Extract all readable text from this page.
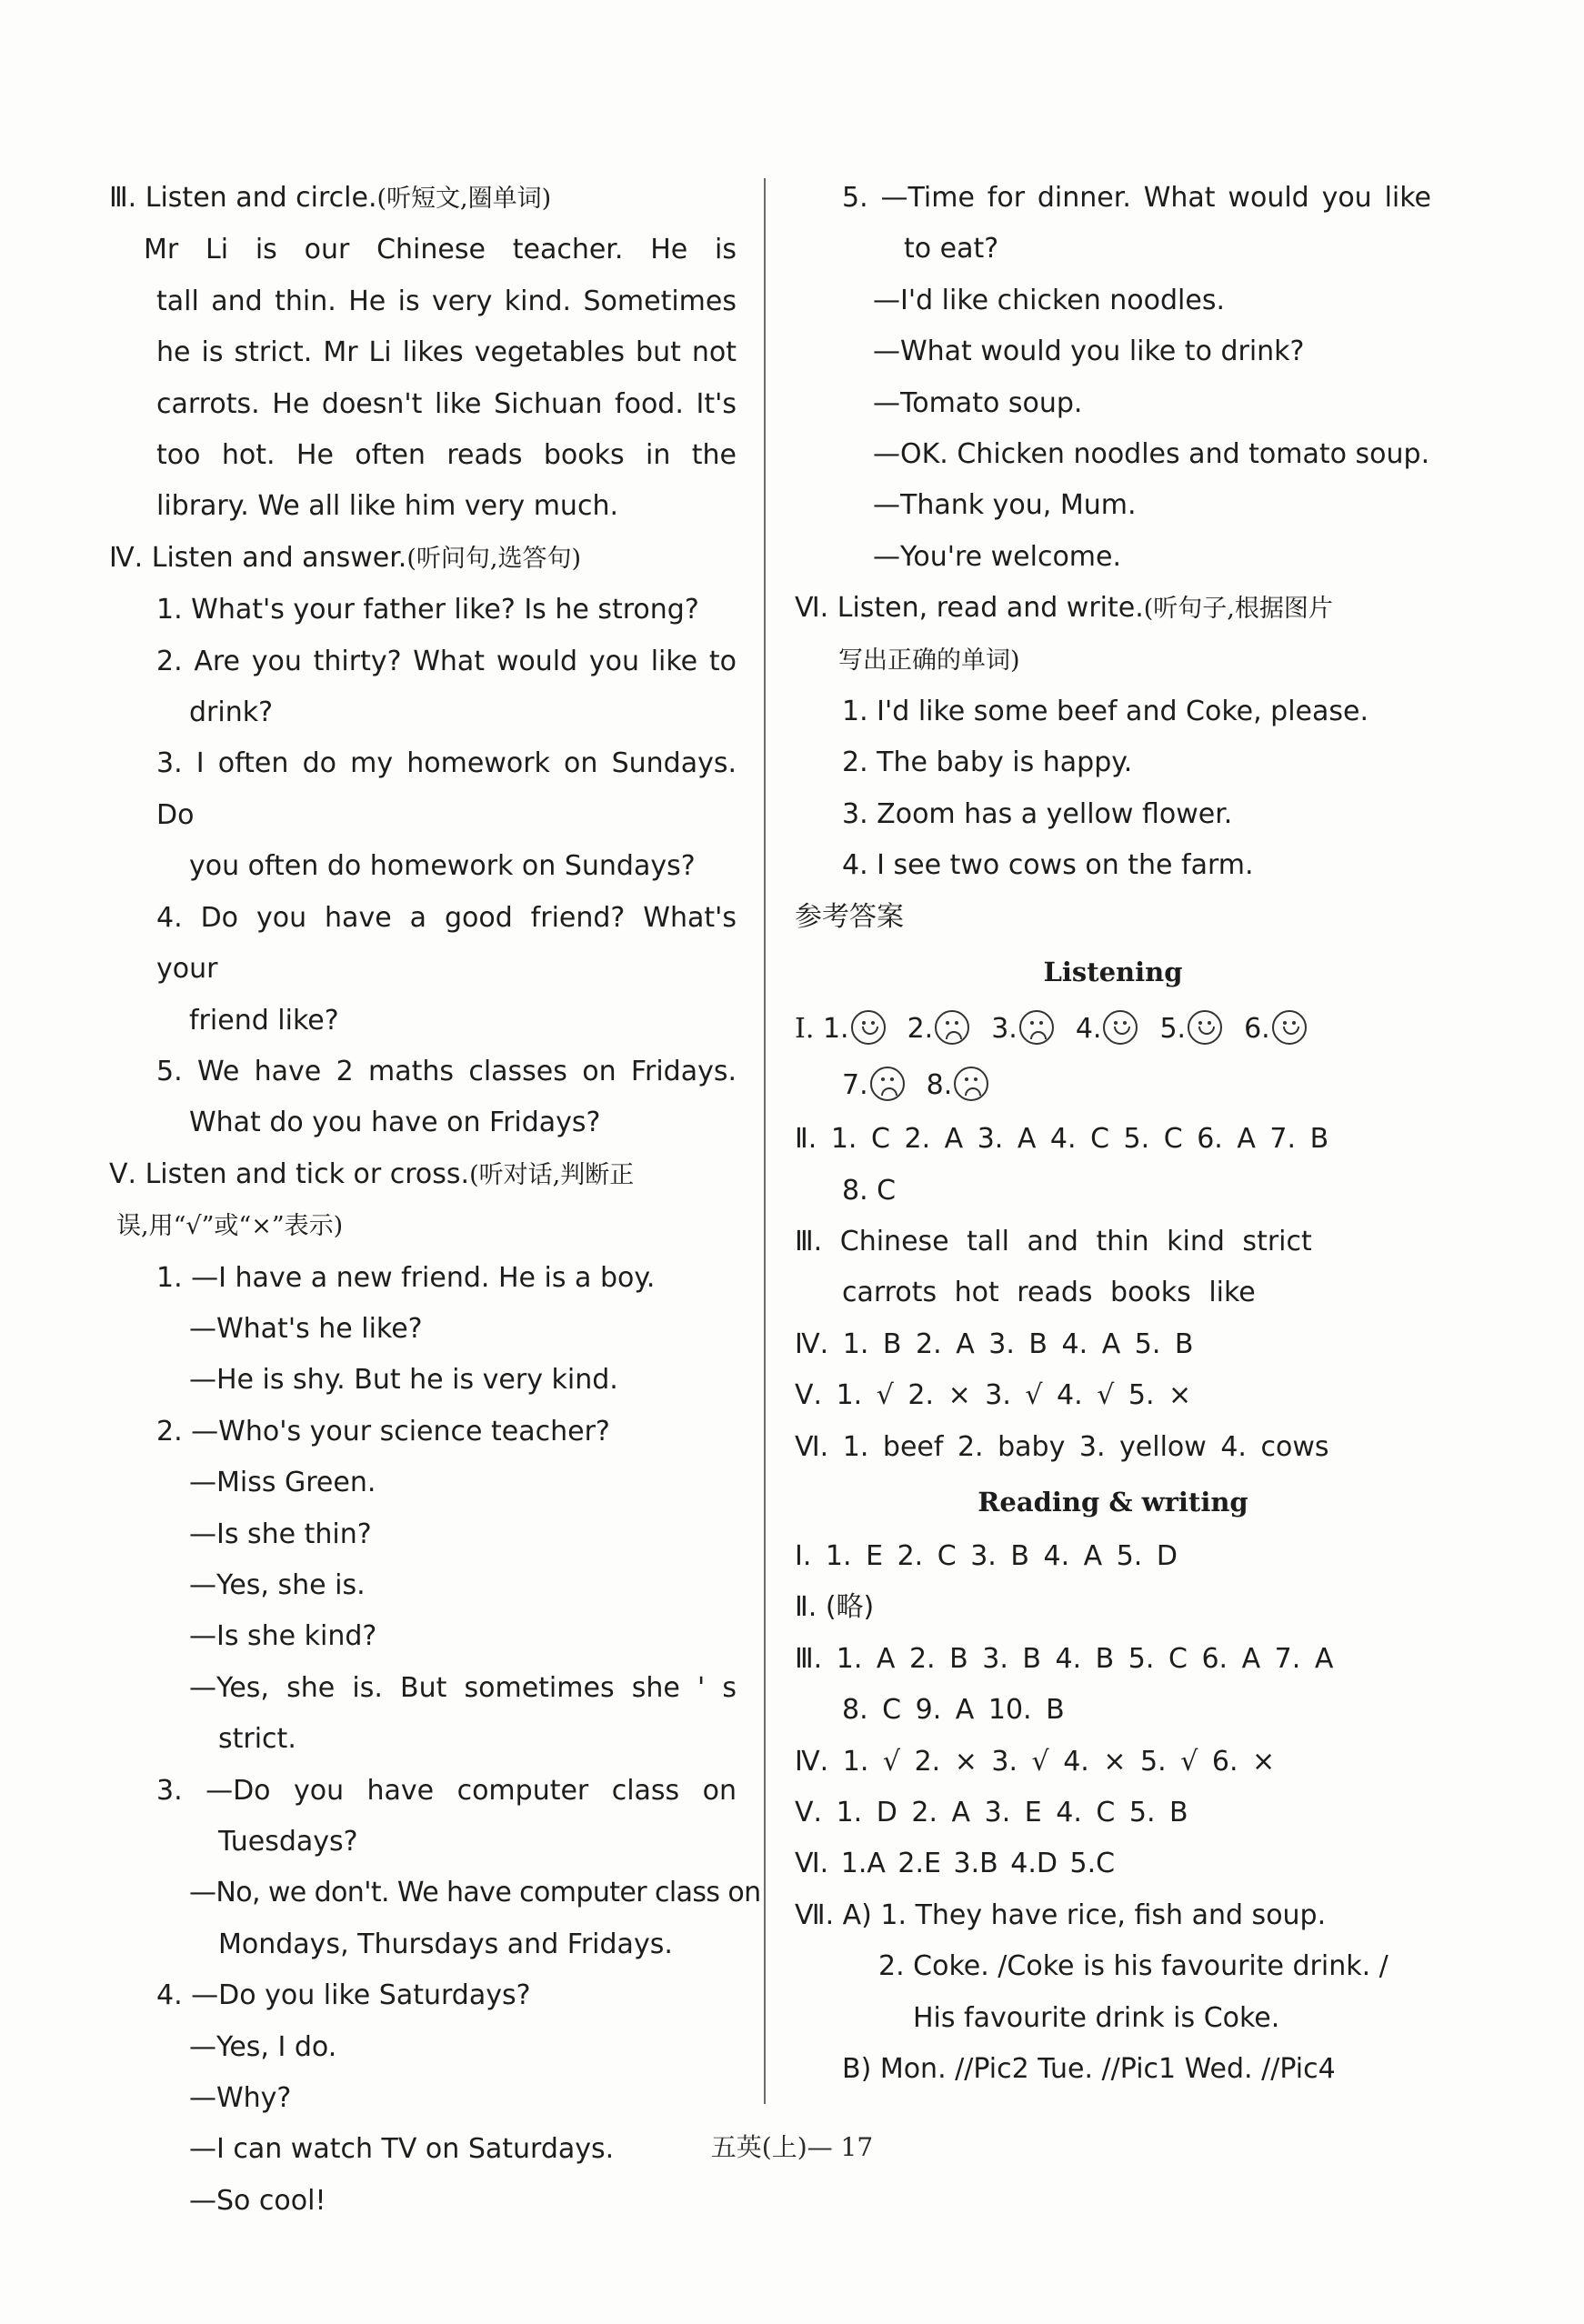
Ⅲ. Listen and circle.(听短文,圈单词)
Mr Li is our Chinese teacher. He is
tall and thin. He is very kind. Sometimes
he is strict. Mr Li likes vegetables but not
carrots. He doesn't like Sichuan food. It's
too hot. He often reads books in the
library. We all like him very much.
Ⅳ. Listen and answer.(听问句,选答句)
1. What's your father like? Is he strong?
2. Are you thirty? What would you like to
drink?
3. I often do my homework on Sundays. Do
you often do homework on Sundays?
4. Do you have a good friend? What's your
friend like?
5. We have 2 maths classes on Fridays.
What do you have on Fridays?
Ⅴ. Listen and tick or cross.(听对话,判断正
误,用“√”或“×”表示)
1. —I have a new friend. He is a boy.
—What's he like?
—He is shy. But he is very kind.
2. —Who's your science teacher?
—Miss Green.
—Is she thin?
—Yes, she is.
—Is she kind?
—Yes, she is. But sometimes she ' s
strict.
3. —Do you have computer class on
Tuesdays?
—No, we don't. We have computer class on
Mondays, Thursdays and Fridays.
4. —Do you like Saturdays?
—Yes, I do.
—Why?
—I can watch TV on Saturdays.
—So cool!
5. —Time for dinner. What would you like
to eat?
—I'd like chicken noodles.
—What would you like to drink?
—Tomato soup.
—OK. Chicken noodles and tomato soup.
—Thank you, Mum.
—You're welcome.
Ⅵ. Listen, read and write.(听句子,根据图片
写出正确的单词)
1. I'd like some beef and Coke, please.
2. The baby is happy.
3. Zoom has a yellow flower.
4. I see two cows on the farm.
参考答案
Listening
Ⅰ. 1. 2. 3. 4. 5. 6.
7. 8.
Ⅱ. 1. C 2. A 3. A 4. C 5. C 6. A 7. B
8. C
Ⅲ. Chinese tall and thin kind strict
carrots hot reads books like
Ⅳ. 1. B 2. A 3. B 4. A 5. B
Ⅴ. 1. √ 2. × 3. √ 4. √ 5. ×
Ⅵ. 1. beef 2. baby 3. yellow 4. cows
Reading & writing
Ⅰ. 1. E 2. C 3. B 4. A 5. D
Ⅱ. (略)
Ⅲ. 1. A 2. B 3. B 4. B 5. C 6. A 7. A
8. C 9. A 10. B
Ⅳ. 1. √ 2. × 3. √ 4. × 5. √ 6. ×
Ⅴ. 1. D 2. A 3. E 4. C 5. B
Ⅵ. 1.A 2.E 3.B 4.D 5.C
Ⅶ. A) 1. They have rice, fish and soup.
2. Coke. /Coke is his favourite drink. /
His favourite drink is Coke.
B) Mon. //Pic2 Tue. //Pic1 Wed. //Pic4
五英(上)— 17
